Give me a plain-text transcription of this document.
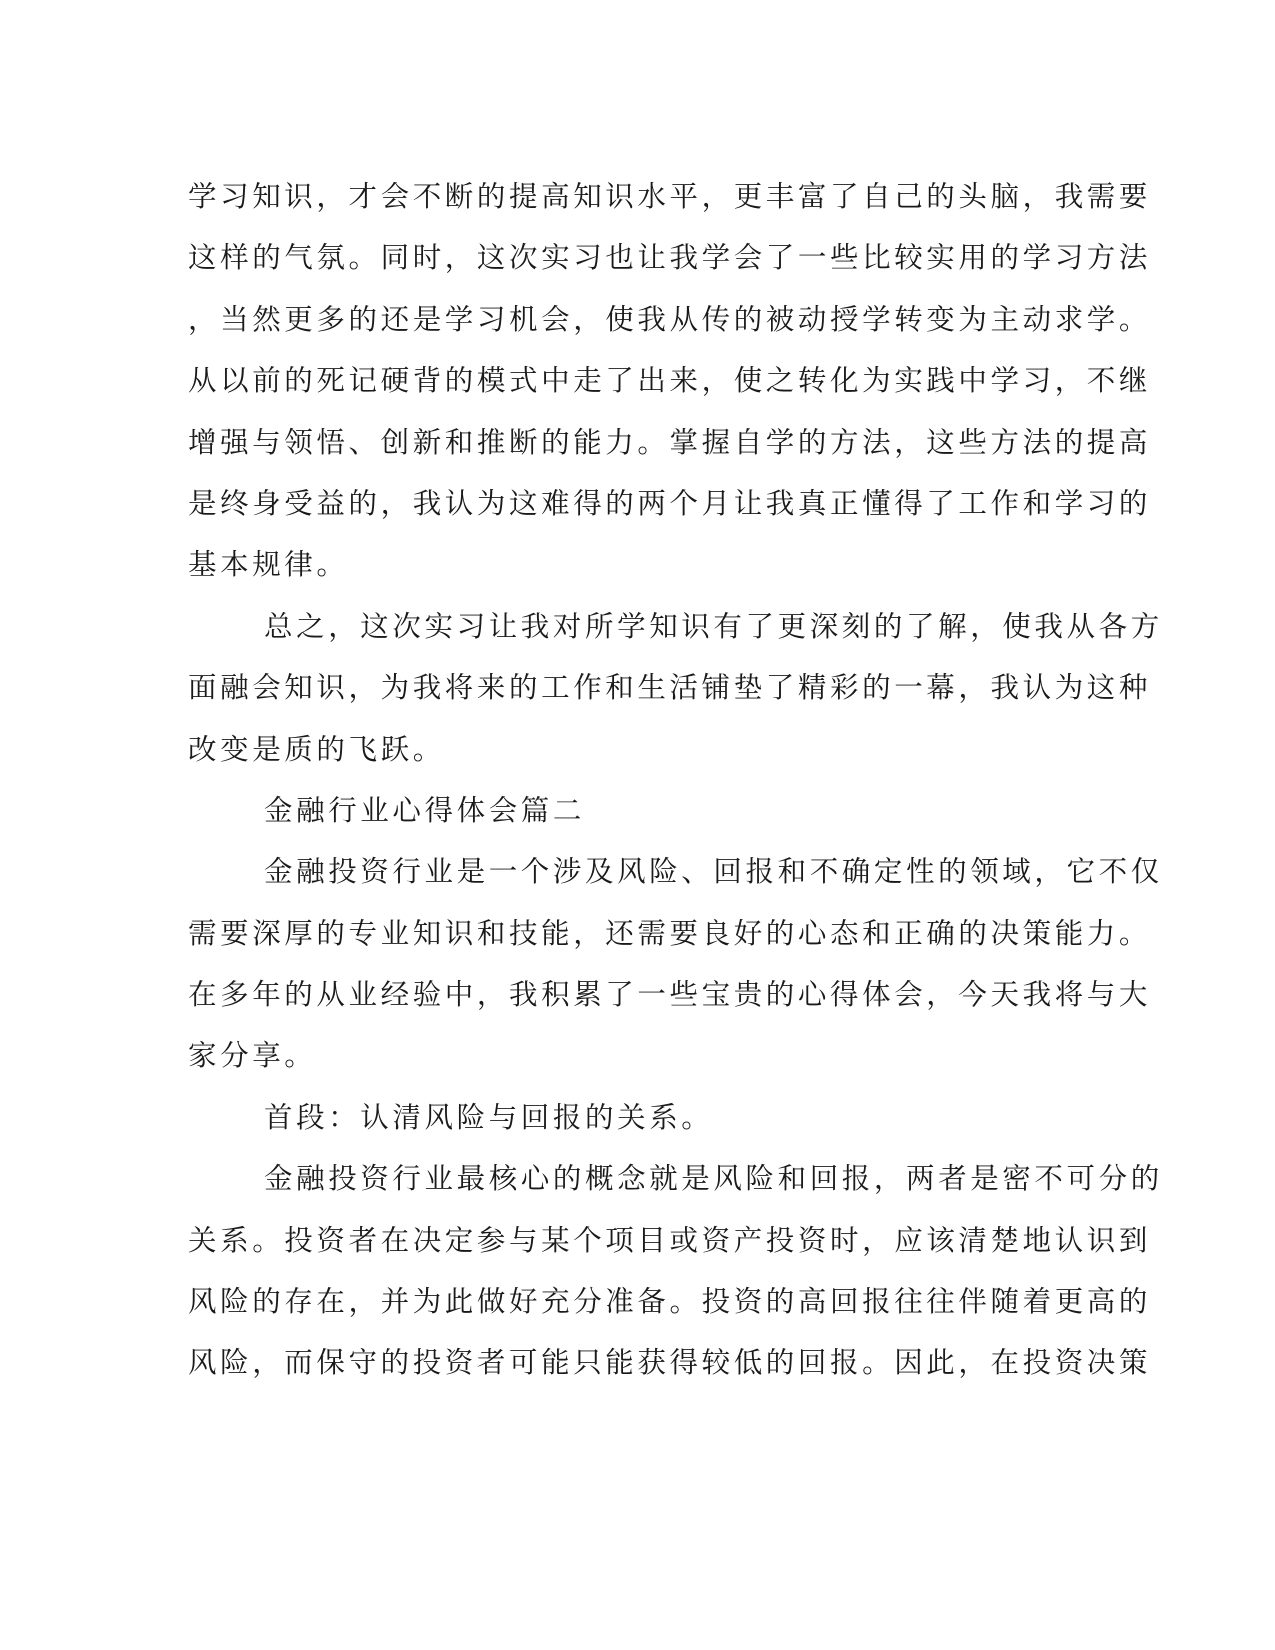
学习知识，才会不断的提高知识水平，更丰富了自己的头脑，我需要
这样的气氛。同时，这次实习也让我学会了一些比较实用的学习方法
，当然更多的还是学习机会，使我从传的被动授学转变为主动求学。
从以前的死记硬背的模式中走了出来，使之转化为实践中学习，不继
增强与领悟、创新和推断的能力。掌握自学的方法，这些方法的提高
是终身受益的，我认为这难得的两个月让我真正懂得了工作和学习的
基本规律。
总之，这次实习让我对所学知识有了更深刻的了解，使我从各方
面融会知识，为我将来的工作和生活铺垫了精彩的一幕，我认为这种
改变是质的飞跃。
金融行业心得体会篇二
金融投资行业是一个涉及风险、回报和不确定性的领域，它不仅
需要深厚的专业知识和技能，还需要良好的心态和正确的决策能力。
在多年的从业经验中，我积累了一些宝贵的心得体会，今天我将与大
家分享。
首段：认清风险与回报的关系。
金融投资行业最核心的概念就是风险和回报，两者是密不可分的
关系。投资者在决定参与某个项目或资产投资时，应该清楚地认识到
风险的存在，并为此做好充分准备。投资的高回报往往伴随着更高的
风险，而保守的投资者可能只能获得较低的回报。因此，在投资决策
